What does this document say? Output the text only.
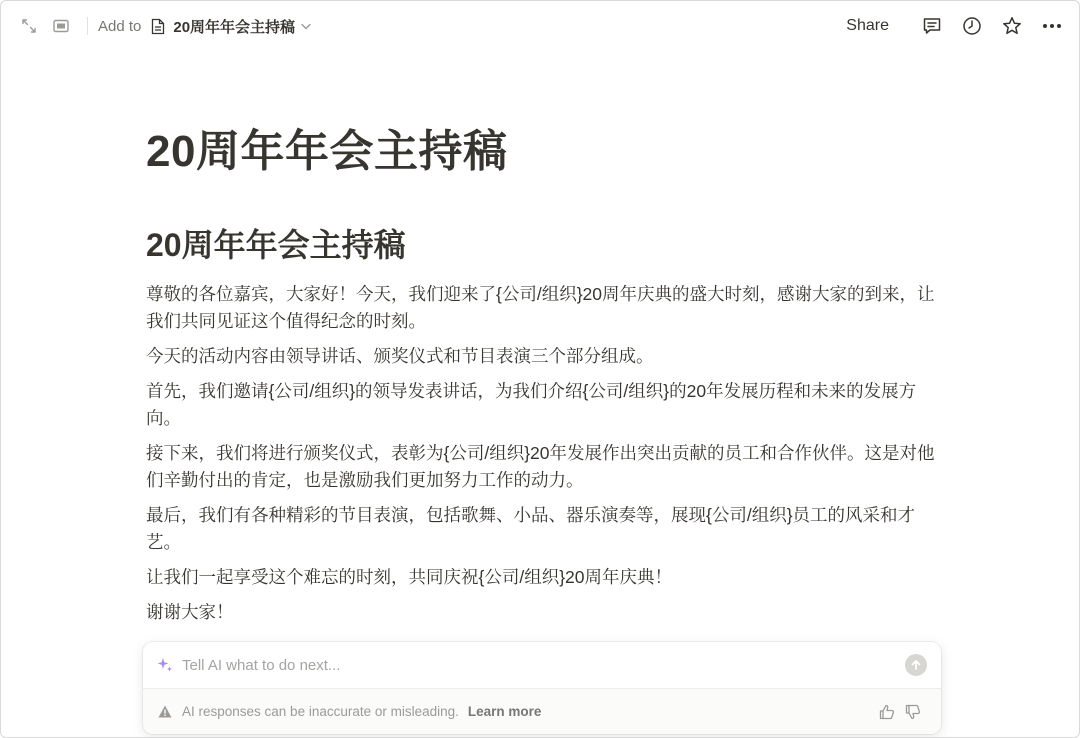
Add to 20周年年会主持稿	Share
20周年年会主持稿
20周年年会主持稿

尊敬的各位嘉宾，大家好！今天，我们迎来了{公司/组织}20周年庆典的盛大时刻，感谢大家的到来，让我们共同见证这个值得纪念的时刻。

今天的活动内容由领导讲话、颁奖仪式和节目表演三个部分组成。

首先，我们邀请{公司/组织}的领导发表讲话，为我们介绍{公司/组织}的20年发展历程和未来的发展方向。

接下来，我们将进行颁奖仪式，表彰为{公司/组织}20年发展作出突出贡献的员工和合作伙伴。这是对他们辛勤付出的肯定，也是激励我们更加努力工作的动力。

最后，我们有各种精彩的节目表演，包括歌舞、小品、器乐演奏等，展现{公司/组织}员工的风采和才艺。

让我们一起享受这个难忘的时刻，共同庆祝{公司/组织}20周年庆典！

谢谢大家！

Tell AI what to do next...
AI responses can be inaccurate or misleading. Learn more
